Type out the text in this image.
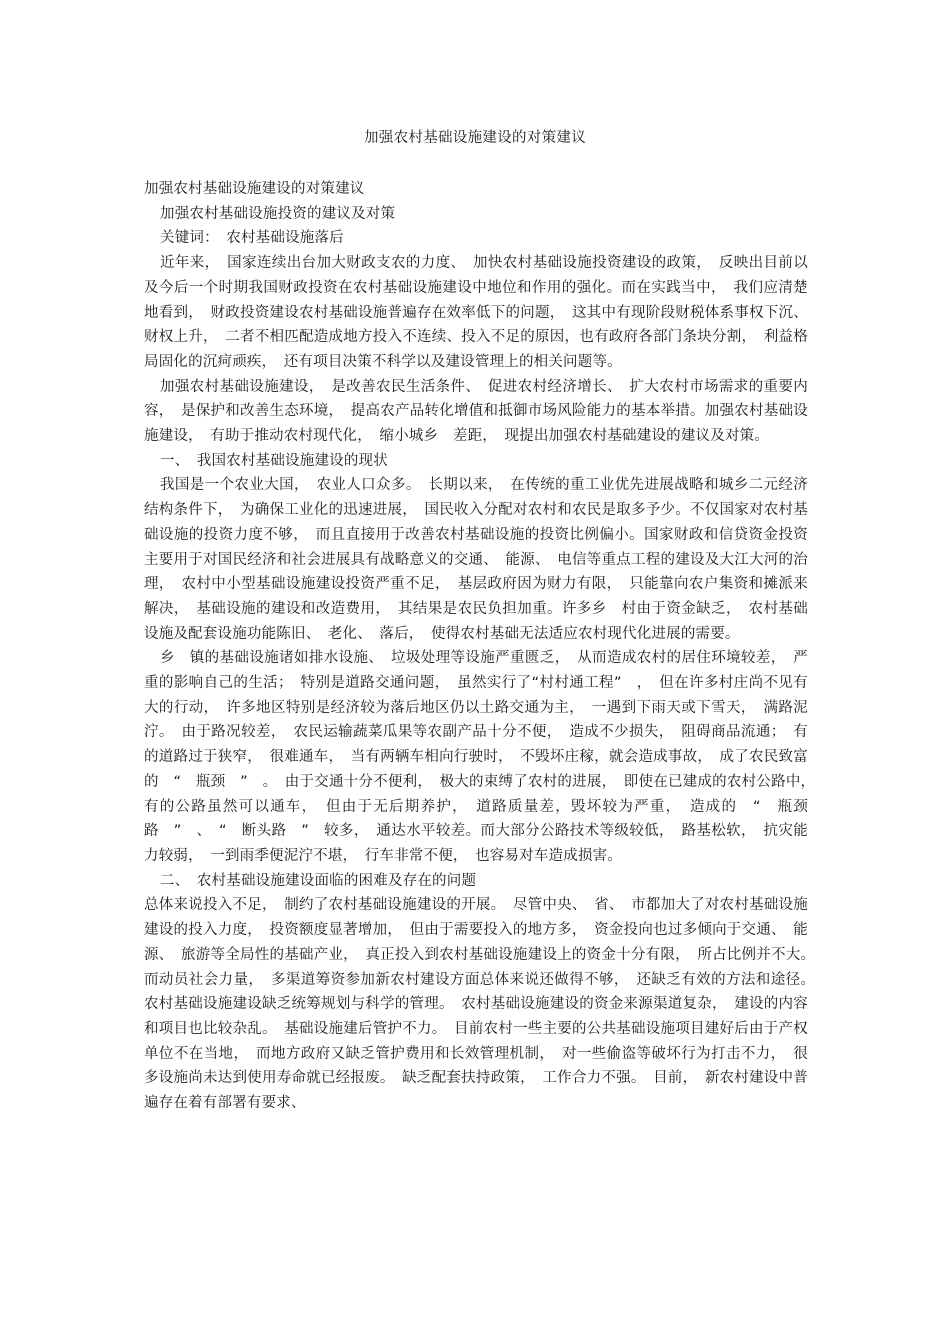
加强农村基础设施建设的对策建议

加强农村基础设施建设的对策建议

加强农村基础设施投资的建议及对策

关键词：　农村基础设施落后

近年来，　国家连续出台加大财政支农的力度、　加快农村基础设施投资建设的政策，　反映出目前以及今后一个时期我国财政投资在农村基础设施建设中地位和作用的强化。而在实践当中，　我们应清楚地看到，　财政投资建设农村基础设施普遍存在效率低下的问题，　这其中有现阶段财税体系事权下沉、财权上升，　二者不相匹配造成地方投入不连续、投入不足的原因，也有政府各部门条块分割，　利益格局固化的沉疴顽疾，　还有项目决策不科学以及建设管理上的相关问题等。

加强农村基础设施建设，　是改善农民生活条件、　促进农村经济增长、　扩大农村市场需求的重要内容，　是保护和改善生态环境，　提高农产品转化增值和抵御市场风险能力的基本举措。加强农村基础设施建设，　有助于推动农村现代化，　缩小城乡　差距，　现提出加强农村基础建设的建议及对策。

一、　我国农村基础设施建设的现状

我国是一个农业大国，　农业人口众多。　长期以来，　在传统的重工业优先进展战略和城乡二元经济结构条件下，　为确保工业化的迅速进展，　国民收入分配对农村和农民是取多予少。不仅国家对农村基础设施的投资力度不够，　而且直接用于改善农村基础设施的投资比例偏小。国家财政和信贷资金投资主要用于对国民经济和社会进展具有战略意义的交通、　能源、　电信等重点工程的建设及大江大河的治理，　农村中小型基础设施建设投资严重不足，　基层政府因为财力有限，　只能靠向农户集资和摊派来解决，　基础设施的建设和改造费用，　其结果是农民负担加重。许多乡　村由于资金缺乏，　农村基础设施及配套设施功能陈旧、　老化、　落后，　使得农村基础无法适应农村现代化进展的需要。

乡　镇的基础设施诸如排水设施、　垃圾处理等设施严重匮乏，　从而造成农村的居住环境较差，　严重的影响自己的生活；　特别是道路交通问题，　虽然实行了“村村通工程”　，　但在许多村庄尚不见有大的行动，　许多地区特别是经济较为落后地区仍以土路交通为主，　一遇到下雨天或下雪天，　满路泥泞。　由于路况较差，　农民运输蔬菜瓜果等农副产品十分不便，　造成不少损失，　阻碍商品流通；　有的道路过于狭窄，　很难通车，　当有两辆车相向行驶时，　不毁坏庄稼，就会造成事故，　成了农民致富的　“　瓶颈　”　。　由于交通十分不便利，　极大的束缚了农村的进展，　即使在已建成的农村公路中，　有的公路虽然可以通车，　但由于无后期养护，　道路质量差，毁坏较为严重，　造成的　“　瓶颈路　”　、　“　断头路　”　较多，　通达水平较差。而大部分公路技术等级较低，　路基松软，　抗灾能力较弱，　一到雨季便泥泞不堪，　行车非常不便，　也容易对车造成损害。

二、　农村基础设施建设面临的困难及存在的问题

总体来说投入不足，　制约了农村基础设施建设的开展。　尽管中央、　省、　市都加大了对农村基础设施建设的投入力度，　投资额度显著增加，　但由于需要投入的地方多，　资金投向也过多倾向于交通、　能源、　旅游等全局性的基础产业，　真正投入到农村基础设施建设上的资金十分有限，　所占比例并不大。　而动员社会力量，　多渠道筹资参加新农村建设方面总体来说还做得不够，　还缺乏有效的方法和途径。　农村基础设施建设缺乏统筹规划与科学的管理。　农村基础设施建设的资金来源渠道复杂，　建设的内容和项目也比较杂乱。　基础设施建后管护不力。　目前农村一些主要的公共基础设施项目建好后由于产权单位不在当地，　而地方政府又缺乏管护费用和长效管理机制，　对一些偷盗等破坏行为打击不力，　很多设施尚未达到使用寿命就已经报废。　缺乏配套扶持政策，　工作合力不强。　目前，　新农村建设中普遍存在着有部署有要求、
